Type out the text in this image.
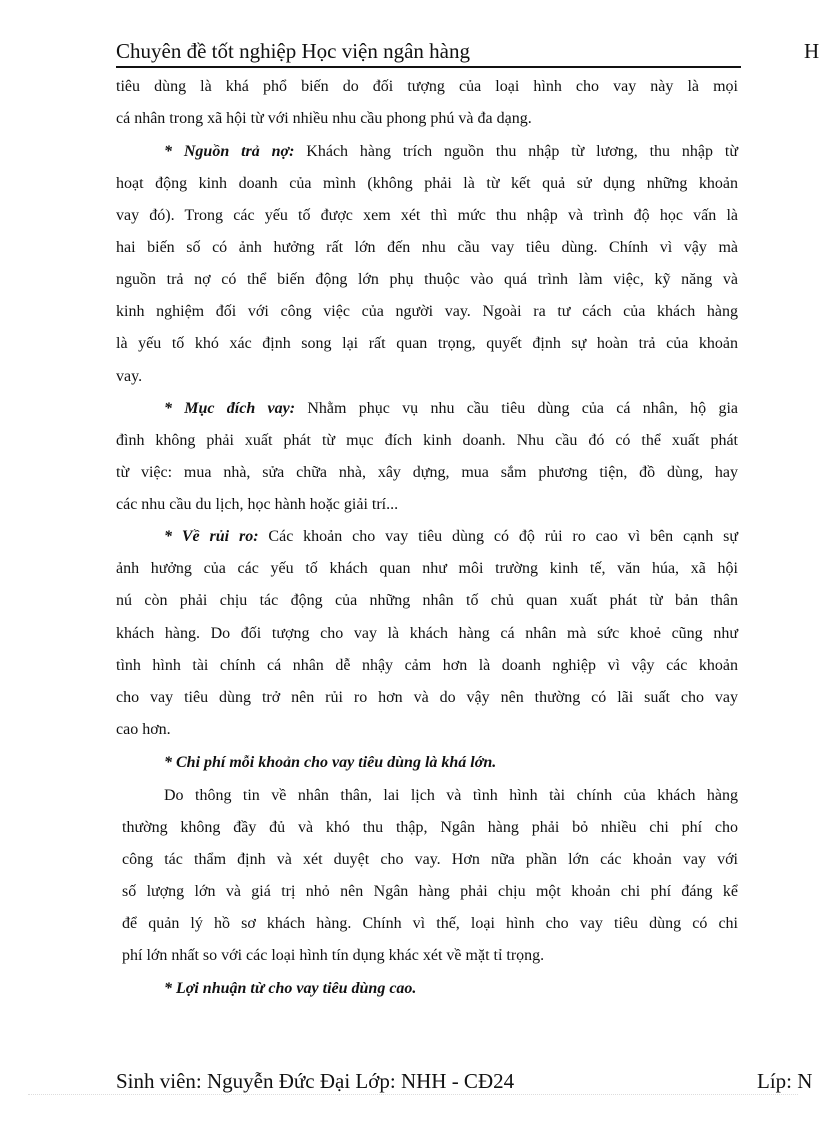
Chuyên đề tốt nghiệp Học viện ngân hàng	H
tiêu dùng là khá phổ biến do đối tượng của loại hình cho vay này là mọi
cá nhân trong xã hội từ với nhiều nhu cầu phong phú và đa dạng.
* Nguồn trả nợ: Khách hàng trích nguồn thu nhập từ lương, thu nhập từ
hoạt động kinh doanh của mình (không phải là từ kết quả sử dụng những khoản
vay đó). Trong các yếu tố được xem xét thì mức thu nhập và trình độ học vấn là
hai biến số có ảnh hưởng rất lớn đến nhu cầu vay tiêu dùng. Chính vì vậy mà
nguồn trả nợ có thể biến động lớn phụ thuộc vào quá trình làm việc, kỹ năng và
kinh nghiệm đối với công việc của người vay. Ngoài ra tư cách của khách hàng
là yếu tố khó xác định song lại rất quan trọng, quyết định sự hoàn trả của khoản
vay.
* Mục đích vay: Nhằm phục vụ nhu cầu tiêu dùng của cá nhân, hộ gia
đình không phải xuất phát từ mục đích kinh doanh. Nhu cầu đó có thể xuất phát
từ việc: mua nhà, sửa chữa nhà, xây dựng, mua sắm phương tiện, đồ dùng, hay
các nhu cầu du lịch, học hành hoặc giải trí...
* Về rủi ro: Các khoản cho vay tiêu dùng có độ rủi ro cao vì bên cạnh sự
ảnh hưởng của các yếu tố khách quan như môi trường kinh tế, văn húa, xã hội
nú còn phải chịu tác động của những nhân tố chủ quan xuất phát từ bản thân
khách hàng. Do đối tượng cho vay là khách hàng cá nhân mà sức khoẻ cũng như
tình hình tài chính cá nhân dễ nhậy cảm hơn là doanh nghiệp vì vậy các khoản
cho vay tiêu dùng trở nên rủi ro hơn và do vậy nên thường có lãi suất cho vay
cao hơn.
* Chi phí mỗi khoản cho vay tiêu dùng là khá lớn.
Do thông tin về nhân thân, lai lịch và tình hình tài chính của khách hàng
thường không đầy đủ và khó thu thập, Ngân hàng phải bỏ nhiều chi phí cho
công tác thẩm định và xét duyệt cho vay. Hơn nữa phần lớn các khoản vay với
số lượng lớn và giá trị nhỏ nên Ngân hàng phải chịu một khoản chi phí đáng kể
để quản lý hồ sơ khách hàng. Chính vì thế, loại hình cho vay tiêu dùng có chi
phí lớn nhất so với các loại hình tín dụng khác xét về mặt tỉ trọng.
* Lợi nhuận từ cho vay tiêu dùng cao.
Sinh viên: Nguyễn Đức Đại Lớp: NHH - CĐ24	Líp: N
